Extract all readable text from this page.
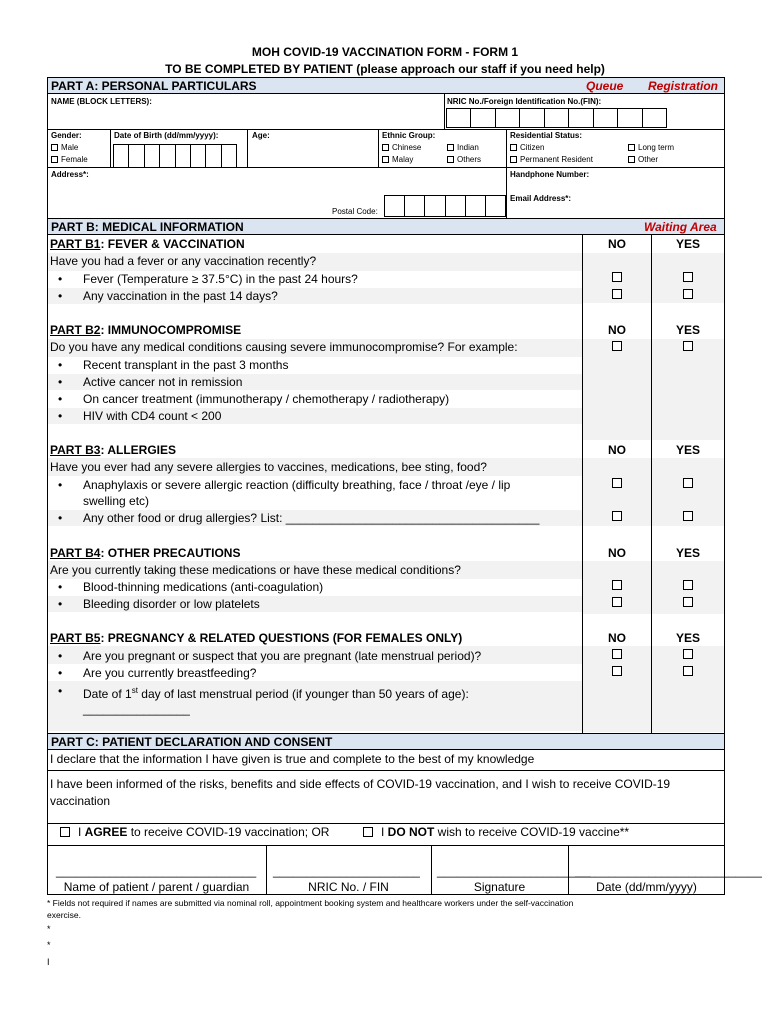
MOH COVID-19 VACCINATION FORM - FORM 1
TO BE COMPLETED BY PATIENT (please approach our staff if you need help)
PART A: PERSONAL PARTICULARS	Queue Registration
NAME (BLOCK LETTERS):	NRIC No./Foreign Identification No.(FIN):
Gender:
Male
Female
Date of Birth (dd/mm/yyyy):	Age:	Ethnic Group:
Chinese	Indian
Malay	Others
Residential Status:
Citizen	Long term
Permanent Resident	Other
Address*:
Postal Code:
Handphone Number:
Email Address*:
PART B: MEDICAL INFORMATION	Waiting Area
PART B1: FEVER & VACCINATION	NO	YES
Have you had a fever or any vaccination recently?
• Fever (Temperature ≥ 37.5°C) in the past 24 hours?
• Any vaccination in the past 14 days?
PART B2: IMMUNOCOMPROMISE	NO	YES
Do you have any medical conditions causing severe immunocompromise? For example:
• Recent transplant in the past 3 months
• Active cancer not in remission
• On cancer treatment (immunotherapy / chemotherapy / radiotherapy)
• HIV with CD4 count < 200
PART B3: ALLERGIES	NO	YES
Have you ever had any severe allergies to vaccines, medications, bee sting, food?
• Anaphylaxis or severe allergic reaction (difficulty breathing, face / throat /eye / lip
swelling etc)
• Any other food or drug allergies? List: ______________________________________
PART B4: OTHER PRECAUTIONS	NO	YES
Are you currently taking these medications or have these medical conditions?
• Blood-thinning medications (anti-coagulation)
• Bleeding disorder or low platelets
PART B5: PREGNANCY & RELATED QUESTIONS (FOR FEMALES ONLY)	NO	YES
• Are you pregnant or suspect that you are pregnant (late menstrual period)?
• Are you currently breastfeeding?
• Date of 1st day of last menstrual period (if younger than 50 years of age):
________________
PART C: PATIENT DECLARATION AND CONSENT
I declare that the information I have given is true and complete to the best of my knowledge
I have been informed of the risks, benefits and side effects of COVID-19 vaccination, and I wish to receive COVID-19
vaccination
I AGREE to receive COVID-19 vaccination; OR	I DO NOT wish to receive COVID-19 vaccine**
______________________________ ______________________ _______________________
____________________________
Name of patient / parent / guardian	NRIC No. / FIN	Signature	Date (dd/mm/yyyy)
* Fields not required if names are submitted via nominal roll, appointment booking system and healthcare workers under the self-vaccination
exercise.
*
*
I
